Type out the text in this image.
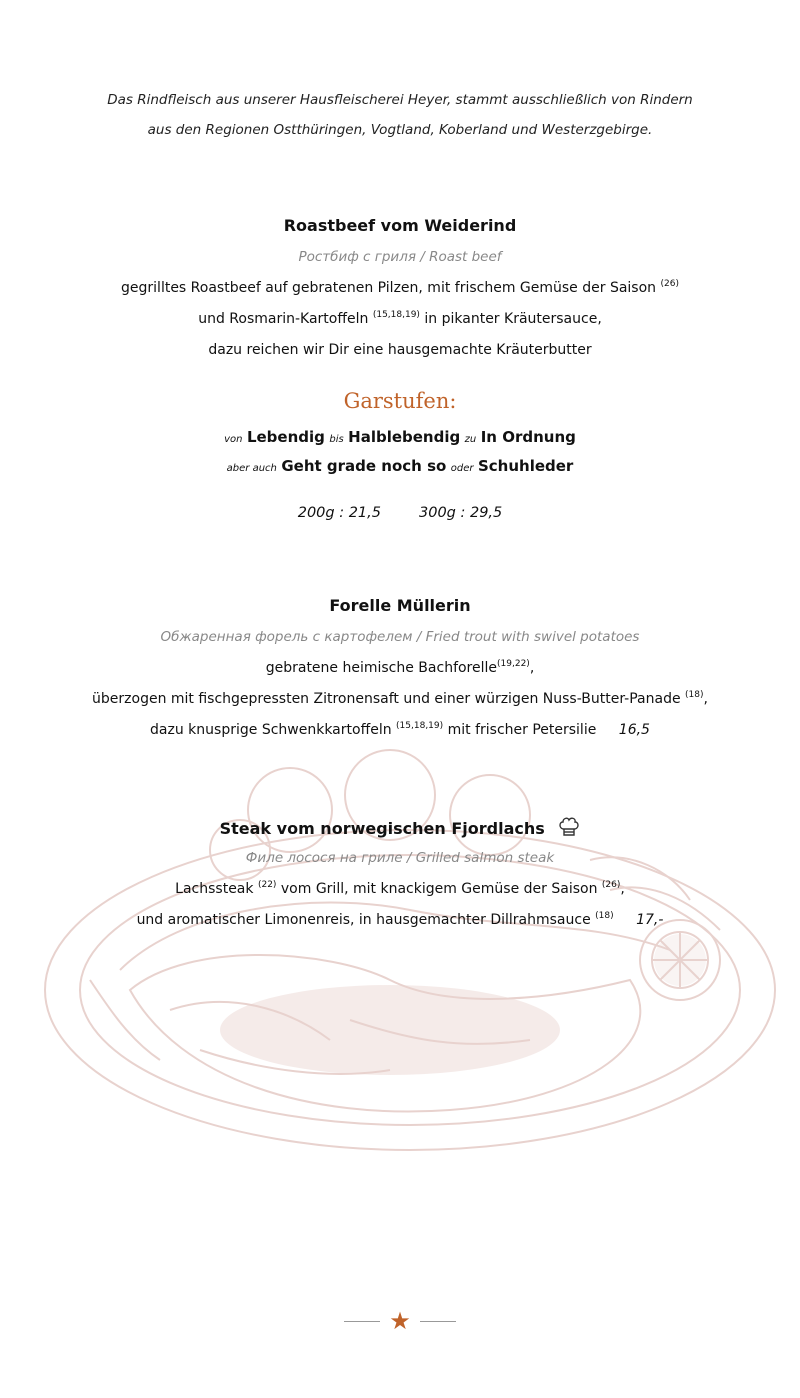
Das Rindfleisch aus unserer Hausfleischerei Heyer, stammt ausschließlich von Rindern
aus den Regionen Ostthüringen, Vogtland, Koberland und Westerzgebirge.
Roastbeef vom Weiderind
Ростбиф с гриля / Roast beef
gegrilltes Roastbeef auf gebratenen Pilzen, mit frischem Gemüse der Saison $^{(26)}$
und Rosmarin-Kartoffeln $^{(15,18,19)}$ in pikanter Kräutersauce,
dazu reichen wir Dir eine hausgemachte Kräuterbutter
Garstufen:
von Lebendig bis Halblebendig zu In Ordnung
aber auch Geht grade noch so oder Schuhleder
200g : 21,5	300g : 29,5
Forelle Müllerin
Обжаренная форель с картофелем / Fried trout with swivel potatoes
gebratene heimische Bachforelle$^{(19,22)}$,
überzogen mit fischgepressten Zitronensaft und einer würzigen Nuss-Butter-Panade $^{(18)}$,
dazu knusprige Schwenkkartoffeln $^{(15,18,19)}$ mit frischer Petersilie 16,5
Steak vom norwegischen Fjordlachs
Филе лосося на гриле / Grilled salmon steak
Lachssteak $^{(22)}$ vom Grill, mit knackigem Gemüse der Saison $^{(26)}$,
und aromatischer Limonenreis, in hausgemachter Dillrahmsauce $^{(18)}$ 17,-
★
